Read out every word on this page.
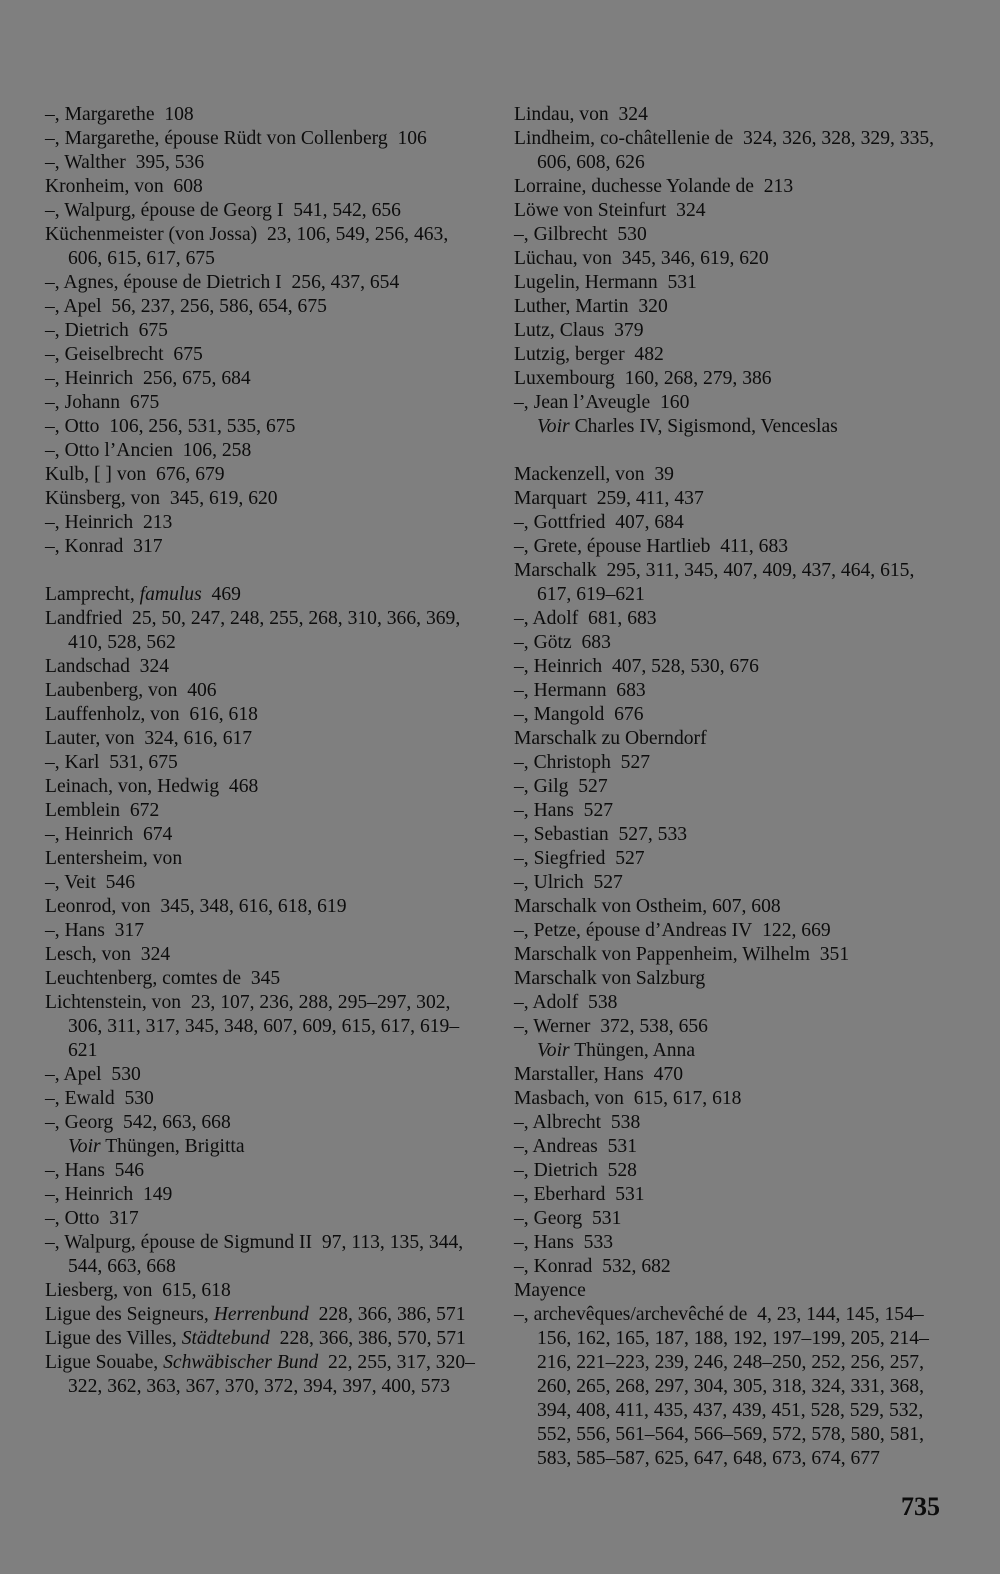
–, Margarethe 108
–, Margarethe, épouse Rüdt von Collenberg 106
–, Walther 395, 536
Kronheim, von 608
–, Walpurg, épouse de Georg I 541, 542, 656
Küchenmeister (von Jossa) 23, 106, 549, 256, 463, 606, 615, 617, 675
–, Agnes, épouse de Dietrich I 256, 437, 654
–, Apel 56, 237, 256, 586, 654, 675
–, Dietrich 675
–, Geiselbrecht 675
–, Heinrich 256, 675, 684
–, Johann 675
–, Otto 106, 256, 531, 535, 675
–, Otto l’Ancien 106, 258
Kulb, [ ] von 676, 679
Künsberg, von 345, 619, 620
–, Heinrich 213
–, Konrad 317
Lamprecht, famulus 469
Landfried 25, 50, 247, 248, 255, 268, 310, 366, 369, 410, 528, 562
Landschad 324
Laubenberg, von 406
Lauffenholz, von 616, 618
Lauter, von 324, 616, 617
–, Karl 531, 675
Leinach, von, Hedwig 468
Lemblein 672
–, Heinrich 674
Lentersheim, von
–, Veit 546
Leonrod, von 345, 348, 616, 618, 619
–, Hans 317
Lesch, von 324
Leuchtenberg, comtes de 345
Lichtenstein, von 23, 107, 236, 288, 295–297, 302, 306, 311, 317, 345, 348, 607, 609, 615, 617, 619–621
–, Apel 530
–, Ewald 530
–, Georg 542, 663, 668
Voir Thüngen, Brigitta
–, Hans 546
–, Heinrich 149
–, Otto 317
–, Walpurg, épouse de Sigmund II 97, 113, 135, 344, 544, 663, 668
Liesberg, von 615, 618
Ligue des Seigneurs, Herrenbund 228, 366, 386, 571
Ligue des Villes, Städtebund 228, 366, 386, 570, 571
Ligue Souabe, Schwäbischer Bund 22, 255, 317, 320–322, 362, 363, 367, 370, 372, 394, 397, 400, 573
Lindau, von 324
Lindheim, co-châtellenie de 324, 326, 328, 329, 335, 606, 608, 626
Lorraine, duchesse Yolande de 213
Löwe von Steinfurt 324
–, Gilbrecht 530
Lüchau, von 345, 346, 619, 620
Lugelin, Hermann 531
Luther, Martin 320
Lutz, Claus 379
Lutzig, berger 482
Luxembourg 160, 268, 279, 386
–, Jean l’Aveugle 160
Voir Charles IV, Sigismond, Venceslas
Mackenzell, von 39
Marquart 259, 411, 437
–, Gottfried 407, 684
–, Grete, épouse Hartlieb 411, 683
Marschalk 295, 311, 345, 407, 409, 437, 464, 615, 617, 619–621
–, Adolf 681, 683
–, Götz 683
–, Heinrich 407, 528, 530, 676
–, Hermann 683
–, Mangold 676
Marschalk zu Oberndorf
–, Christoph 527
–, Gilg 527
–, Hans 527
–, Sebastian 527, 533
–, Siegfried 527
–, Ulrich 527
Marschalk von Ostheim, 607, 608
–, Petze, épouse d’Andreas IV 122, 669
Marschalk von Pappenheim, Wilhelm 351
Marschalk von Salzburg
–, Adolf 538
–, Werner 372, 538, 656
Voir Thüngen, Anna
Marstaller, Hans 470
Masbach, von 615, 617, 618
–, Albrecht 538
–, Andreas 531
–, Dietrich 528
–, Eberhard 531
–, Georg 531
–, Hans 533
–, Konrad 532, 682
Mayence
–, archevêques/archevêché de 4, 23, 144, 145, 154–156, 162, 165, 187, 188, 192, 197–199, 205, 214–216, 221–223, 239, 246, 248–250, 252, 256, 257, 260, 265, 268, 297, 304, 305, 318, 324, 331, 368, 394, 408, 411, 435, 437, 439, 451, 528, 529, 532, 552, 556, 561–564, 566–569, 572, 578, 580, 581, 583, 585–587, 625, 647, 648, 673, 674, 677
735
